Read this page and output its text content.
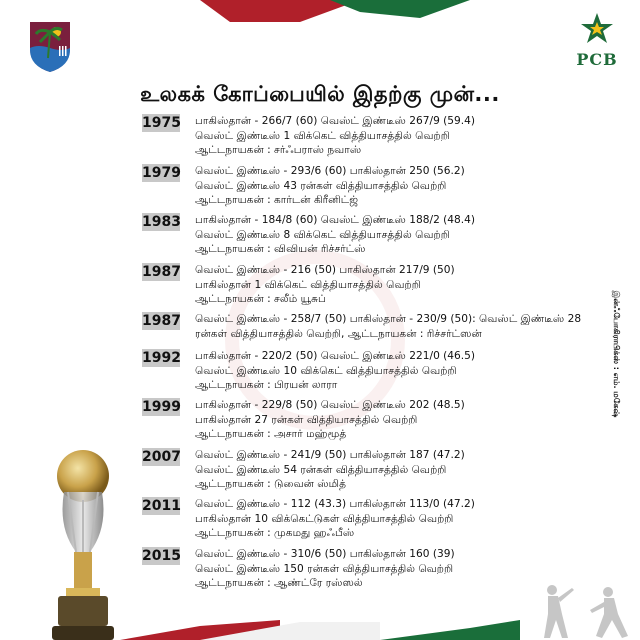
PCB
உலகக் கோப்பையில் இதற்கு முன்...
1975 பாகிஸ்தான் - 266/7 (60) வெஸ்ட் இண்டீஸ் 267/9 (59.4)
வெஸ்ட் இண்டீஸ் 1 விக்கெட் வித்தியாசத்தில் வெற்றி
ஆட்டநாயகன் : சர்ஃபராஸ் நவாஸ்
1979 வெஸ்ட் இண்டீஸ் - 293/6 (60) பாகிஸ்தான் 250 (56.2)
வெஸ்ட் இண்டீஸ் 43 ரன்கள் வித்தியாசத்தில் வெற்றி
ஆட்டநாயகன் : கார்டன் கிரீனிட்ஜ்
1983 பாகிஸ்தான் - 184/8 (60) வெஸ்ட் இண்டீஸ் 188/2 (48.4)
வெஸ்ட் இண்டீஸ் 8 விக்கெட் வித்தியாசத்தில் வெற்றி
ஆட்டநாயகன் : விவியன் ரிச்சர்ட்ஸ்
1987 வெஸ்ட் இண்டீஸ் - 216 (50) பாகிஸ்தான் 217/9 (50)
பாகிஸ்தான் 1 விக்கெட் வித்தியாசத்தில் வெற்றி
ஆட்டநாயகன் : சலீம் யூசுப்
1987 வெஸ்ட் இண்டீஸ் - 258/7 (50) பாகிஸ்தான் - 230/9 (50): வெஸ்ட் இண்டீஸ் 28 ரன்கள் வித்தியாசத்தில் வெற்றி, ஆட்டநாயகன் : ரிச்சர்ட்ஸன்
1992 பாகிஸ்தான் - 220/2 (50) வெஸ்ட் இண்டீஸ் 221/0 (46.5)
வெஸ்ட் இண்டீஸ் 10 விக்கெட் வித்தியாசத்தில் வெற்றி
ஆட்டநாயகன் : பிரயன் லாரா
1999 பாகிஸ்தான் - 229/8 (50) வெஸ்ட் இண்டீஸ் 202 (48.5)
பாகிஸ்தான் 27 ரன்கள் வித்தியாசத்தில் வெற்றி
ஆட்டநாயகன் : அசார் மஹ்மூத்
2007 வெஸ்ட் இண்டீஸ் - 241/9 (50) பாகிஸ்தான் 187 (47.2)
வெஸ்ட் இண்டீஸ் 54 ரன்கள் வித்தியாசத்தில் வெற்றி
ஆட்டநாயகன் : டுவைன் ஸ்மித்
2011 வெஸ்ட் இண்டீஸ் - 112 (43.3) பாகிஸ்தான் 113/0 (47.2)
பாகிஸ்தான் 10 விக்கெட்டுகள் வித்தியாசத்தில் வெற்றி
ஆட்டநாயகன் : முகமது ஹஃபீஸ்
2015 வெஸ்ட் இண்டீஸ் - 310/6 (50) பாகிஸ்தான் 160 (39)
வெஸ்ட் இண்டீஸ் 150 ரன்கள் வித்தியாசத்தில் வெற்றி
ஆட்டநாயகன் : ஆண்ட்ரே ரஸ்ஸல்
இன்ஃபோகிராபிக்ஸ் : எம். மகேஷ்
